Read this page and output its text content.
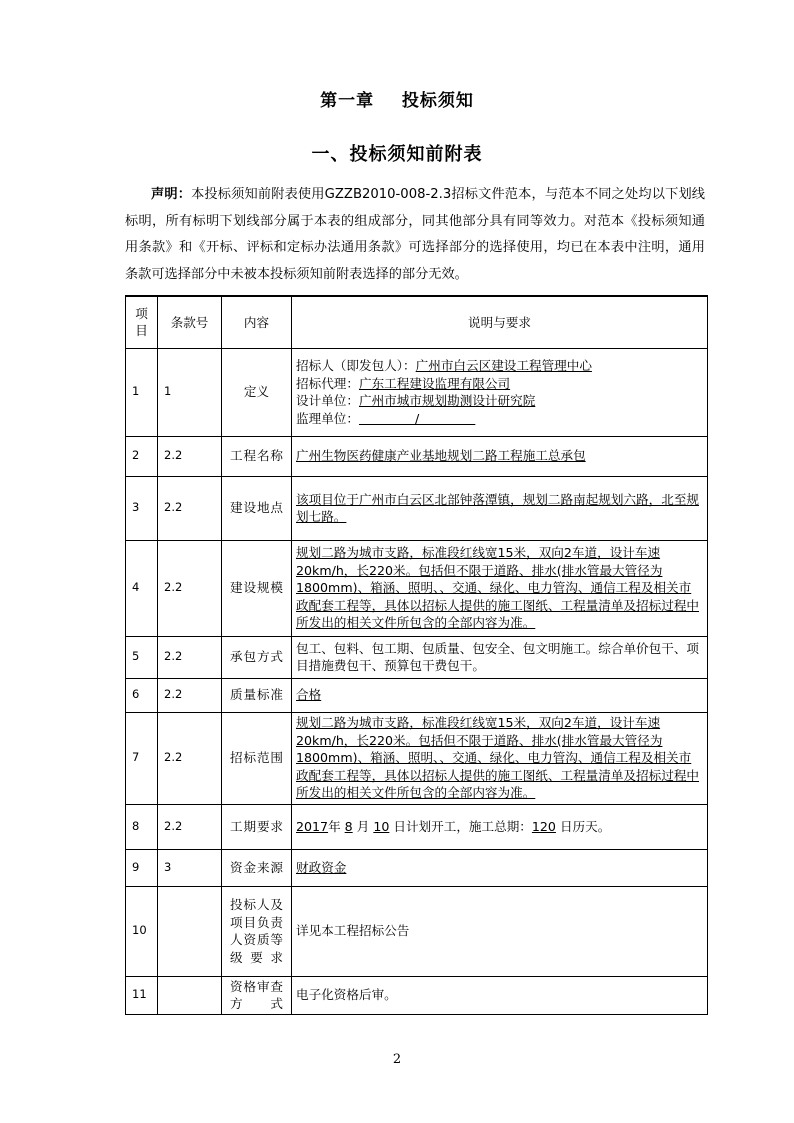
第一章    投标须知
一、投标须知前附表
声明：本投标须知前附表使用GZZB2010-008-2.3招标文件范本，与范本不同之处均以下划线标明，所有标明下划线部分属于本表的组成部分，同其他部分具有同等效力。对范本《投标须知通用条款》和《开标、评标和定标办法通用条款》可选择部分的选择使用，均已在本表中注明，通用条款可选择部分中未被本投标须知前附表选择的部分无效。
项目	条款号	内容	说明与要求
1	1	定义	招标人（即发包人）：广州市白云区建设工程管理中心
招标代理：广东工程建设监理有限公司
设计单位：广州市城市规划勘测设计研究院
监理单位：              /

2	2.2	工程名称	广州生物医药健康产业基地规划二路工程施工总承包
3	2.2	建设地点	该项目位于广州市白云区北部钟落潭镇，规划二路南起规划六路，北至规划七路。
4	2.2	建设规模	规划二路为城市支路，标准段红线宽15米，双向2车道，设计车速20km/h，长220米。包括但不限于道路、排水(排水管最大管径为1800mm)、箱涵、照明、、交通、绿化、电力管沟、通信工程及相关市政配套工程等，具体以招标人提供的施工图纸、工程量清单及招标过程中所发出的相关文件所包含的全部内容为准。
5	2.2	承包方式	包工、包料、包工期、包质量、包安全、包文明施工。综合单价包干、项目措施费包干、预算包干费包干。
6	2.2	质量标准	合格
7	2.2	招标范围	规划二路为城市支路，标准段红线宽15米，双向2车道，设计车速20km/h，长220米。包括但不限于道路、排水(排水管最大管径为1800mm)、箱涵、照明、、交通、绿化、电力管沟、通信工程及相关市政配套工程等，具体以招标人提供的施工图纸、工程量清单及招标过程中所发出的相关文件所包含的全部内容为准。
8	2.2	工期要求	2017年 8 月 10 日计划开工，施工总期：120 日历天。
9	3	资金来源	财政资金
10		投标人及项目负责人资质等级要求	详见本工程招标公告
11		资格审查方式	电子化资格后审。
2
